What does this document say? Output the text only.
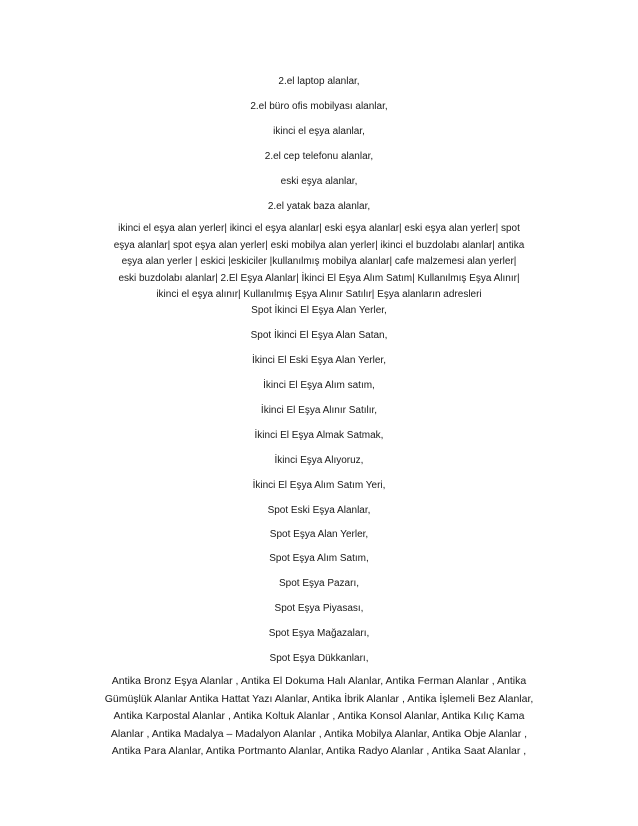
2.el laptop alanlar,
2.el büro ofis mobilyası alanlar,
ikinci el eşya alanlar,
2.el cep telefonu alanlar,
eski eşya alanlar,
2.el yatak baza alanlar,
ikinci el eşya alan yerler| ikinci el eşya alanlar| eski eşya alanlar| eski eşya alan yerler| spot
eşya alanlar| spot eşya alan yerler| eski mobilya alan yerler| ikinci el buzdolabı alanlar| antika
eşya alan yerler | eskici |eskiciler |kullanılmış mobilya alanlar| cafe malzemesi alan yerler|
eski buzdolabı alanlar| 2.El Eşya Alanlar| İkinci El Eşya Alım Satım| Kullanılmış Eşya Alınır|
ikinci el eşya alınır| Kullanılmış Eşya Alınır Satılır| Eşya alanların adresleri
Spot İkinci El Eşya Alan Yerler,
Spot İkinci El Eşya Alan Satan,
İkinci El Eski Eşya Alan Yerler,
İkinci El Eşya Alım satım,
İkinci El Eşya Alınır Satılır,
İkinci El Eşya Almak Satmak,
İkinci Eşya Alıyoruz,
İkinci El Eşya Alım Satım Yeri,
Spot Eski Eşya Alanlar,
Spot Eşya Alan Yerler,
Spot Eşya Alım Satım,
Spot Eşya Pazarı,
Spot Eşya Piyasası,
Spot Eşya Mağazaları,
Spot Eşya Dükkanları,
Antika Bronz Eşya Alanlar , Antika El Dokuma Halı Alanlar, Antika Ferman Alanlar , Antika
Gümüşlük Alanlar Antika Hattat Yazı Alanlar, Antika İbrik Alanlar , Antika İşlemeli Bez Alanlar,
Antika Karpostal Alanlar , Antika Koltuk Alanlar , Antika Konsol Alanlar, Antika Kılıç Kama
Alanlar , Antika Madalya – Madalyon Alanlar , Antika Mobilya Alanlar, Antika Obje Alanlar ,
Antika Para Alanlar, Antika Portmanto Alanlar, Antika Radyo Alanlar , Antika Saat Alanlar ,
